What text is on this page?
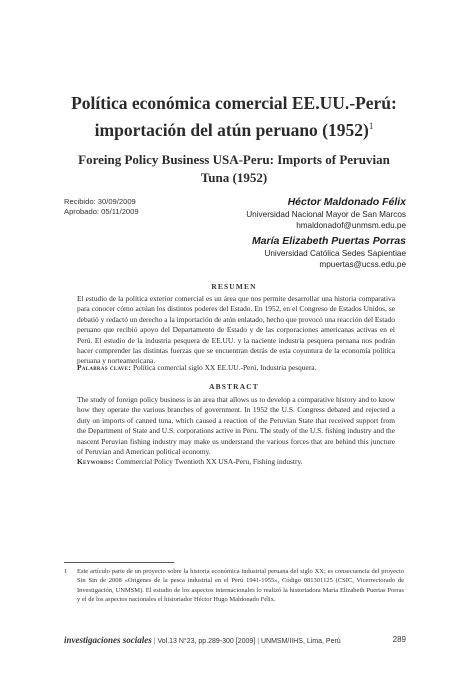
Política económica comercial EE.UU.-Perú:
importación del atún peruano $(1952)^1$
Foreing Policy Business USA-Peru: Imports of Peruvian
Tuna (1952)
Recibido: 30/09/2009
Aprobado: 05/11/2009
Héctor Maldonado Félix
Universidad Nacional Mayor de San Marcos
hmaldonadof@unmsm.edu.pe
María Elizabeth Puertas Porras
Universidad Católica Sedes Sapientiae
mpuertas@ucss.edu.pe
RESUMEN
El estudio de la política exterior comercial es un área que nos permite desarrollar una historia comparativa para conocer cómo actúan los distintos poderes del Estado. En 1952, en el Congreso de Estados Unidos, se debatió y redactó un derecho a la importación de atún enlatado, hecho que provocó una reacción del Estado peruano que recibió apoyo del Departamento de Estado y de las corporaciones americanas activas en el Perú. El estudio de la industria pesquera de EE.UU. y la naciente industria pesquera peruana nos podrán hacer comprender las distintas fuerzas que se encuentran detrás de esta coyuntura de la economía política peruana y norteamericana.
Palabras clave: Política comercial siglo XX EE.UU.-Perú, Industria pesquera.
ABSTRACT
The study of foreign policy business is an area that allows us to develop a comparative history and to know how they operate the various branches of government. In 1952 the U.S. Congress debated and rejected a duty on imports of canned tuna, which caused a reaction of the Peruvian State that received support from the Department of State and U.S. corporations active in Peru. The study of the U.S. fishing industry and the nascent Peruvian fishing industry may make us understand the various forces that are behind this juncture of Peruvian and American political economy.
Keywords: Commercial Policy Twentieth XX USA-Peru, Fishing industry.
1 Este artículo parte de un proyecto sobre la historia económica industrial peruana del siglo XX; es consecuencia del proyecto Sin Sin de 2008 «Orígenes de la pesca industrial en el Perú 1941-1955», Código 081301125 (CSIC, Vicerrectorado de Investigación, UNMSM). El estudio de los aspectos internacionales lo realizó la historiadora María Elizabeth Puertas Porras y el de los aspectos nacionales el historiador Héctor Hugo Maldonado Félix.
investigaciones sociales | Vol.13 N°23, pp.289-300 [2009] | UNMSM/IIHS, Lima, Perú	289
